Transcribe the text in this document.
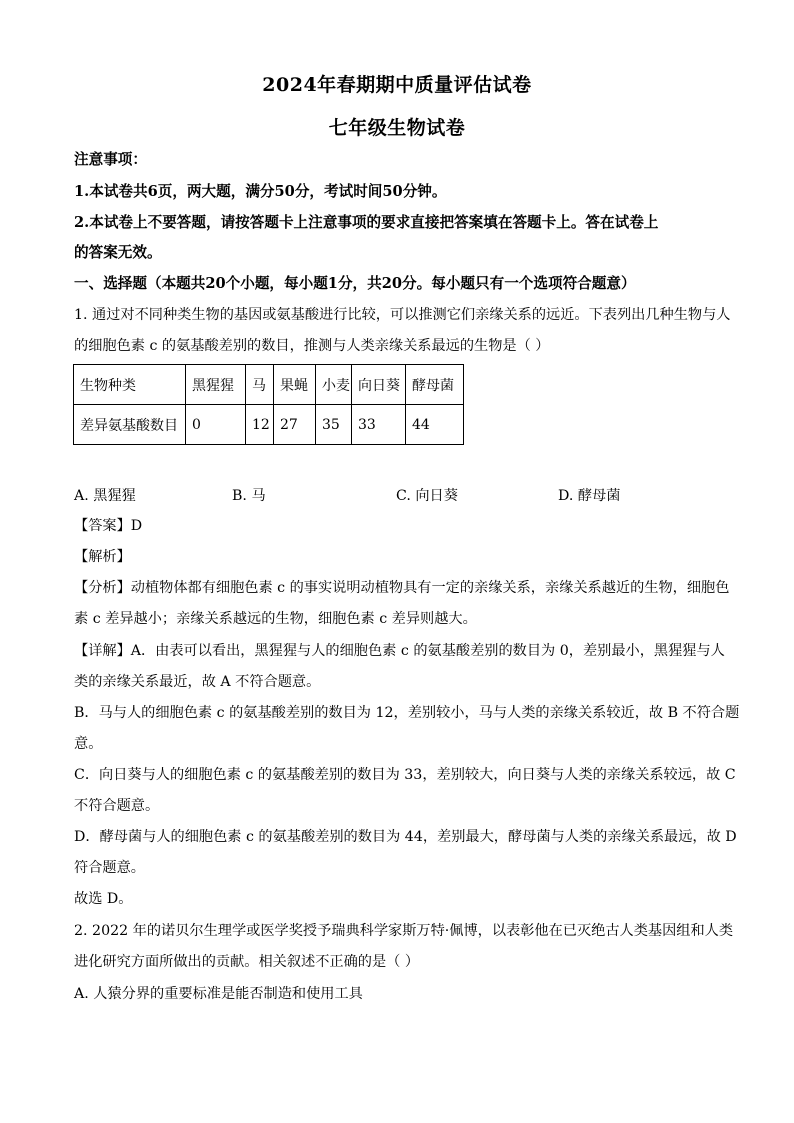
2024年春期期中质量评估试卷
七年级生物试卷
注意事项：
1.本试卷共6页，两大题，满分50分，考试时间50分钟。
2.本试卷上不要答题，请按答题卡上注意事项的要求直接把答案填在答题卡上。答在试卷上
的答案无效。
一、选择题（本题共20个小题，每小题1分，共20分。每小题只有一个选项符合题意）
1. 通过对不同种类生物的基因或氨基酸进行比较，可以推测它们亲缘关系的远近。下表列出几种生物与人
的细胞色素 c 的氨基酸差别的数目，推测与人类亲缘关系最远的生物是（ ）
生物种类	黑猩猩	马	果蝇	小麦	向日葵	酵母菌
差异氨基酸数目	0	12	27	35	33	44
A. 黑猩猩	B. 马	C. 向日葵	D. 酵母菌
【答案】D
【解析】
【分析】动植物体都有细胞色素 c 的事实说明动植物具有一定的亲缘关系，亲缘关系越近的生物，细胞色
素 c 差异越小；亲缘关系越远的生物，细胞色素 c 差异则越大。
【详解】A．由表可以看出，黑猩猩与人的细胞色素 c 的氨基酸差别的数目为 0，差别最小，黑猩猩与人
类的亲缘关系最近，故 A 不符合题意。
B．马与人的细胞色素 c 的氨基酸差别的数目为 12，差别较小，马与人类的亲缘关系较近，故 B 不符合题
意。
C．向日葵与人的细胞色素 c 的氨基酸差别的数目为 33，差别较大，向日葵与人类的亲缘关系较远，故 C
不符合题意。
D．酵母菌与人的细胞色素 c 的氨基酸差别的数目为 44，差别最大，酵母菌与人类的亲缘关系最远，故 D
符合题意。
故选 D。
2. 2022 年的诺贝尔生理学或医学奖授予瑞典科学家斯万特·佩博，以表彰他在已灭绝古人类基因组和人类
进化研究方面所做出的贡献。相关叙述不正确的是（ ）
A. 人猿分界的重要标准是能否制造和使用工具
